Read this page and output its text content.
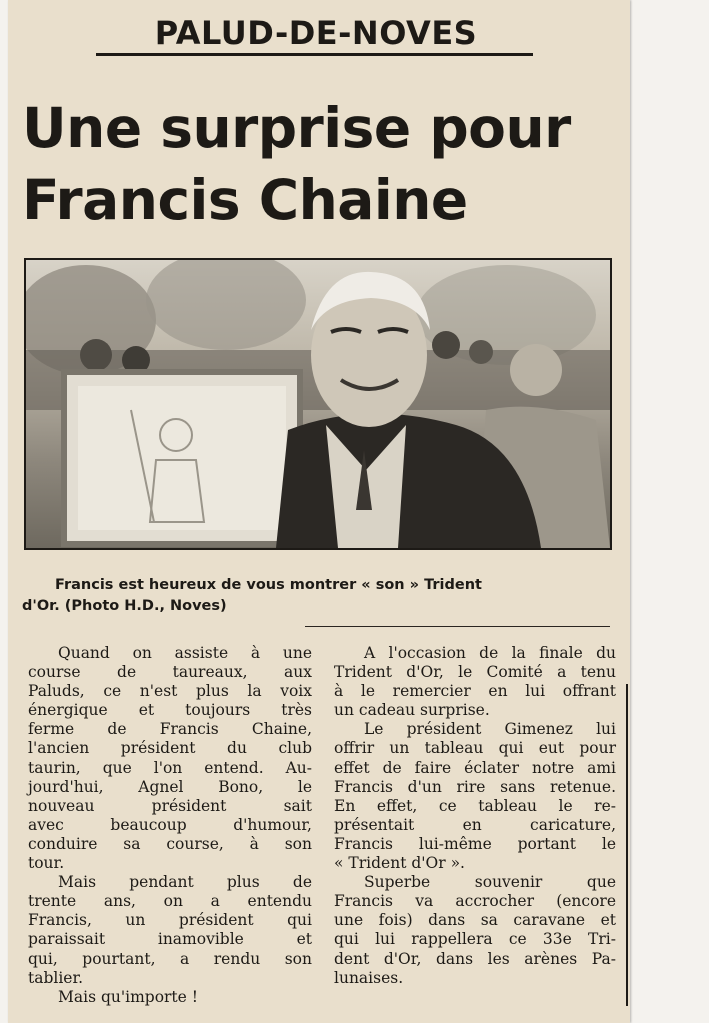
PALUD-DE-NOVES
Une surprise pour
Francis Chaine
Francis est heureux de vous montrer « son » Trident
d'Or. (Photo H.D., Noves)
Quand on assiste à une
course de taureaux, aux
Paluds, ce n'est plus la voix
énergique et toujours très
ferme de Francis Chaine,
l'ancien président du club
taurin, que l'on entend. Au-
jourd'hui, Agnel Bono, le
nouveau président sait
avec beaucoup d'humour,
conduire sa course, à son
tour.
Mais pendant plus de
trente ans, on a entendu
Francis, un président qui
paraissait inamovible et
qui, pourtant, a rendu son
tablier.
Mais qu'importe !
A l'occasion de la finale du
Trident d'Or, le Comité a tenu
à le remercier en lui offrant
un cadeau surprise.
Le président Gimenez lui
offrir un tableau qui eut pour
effet de faire éclater notre ami
Francis d'un rire sans retenue.
En effet, ce tableau le re-
présentait en caricature,
Francis lui-même portant le
« Trident d'Or ».
Superbe souvenir que
Francis va accrocher (encore
une fois) dans sa caravane et
qui lui rappellera ce 33e Tri-
dent d'Or, dans les arènes Pa-
lunaises.
